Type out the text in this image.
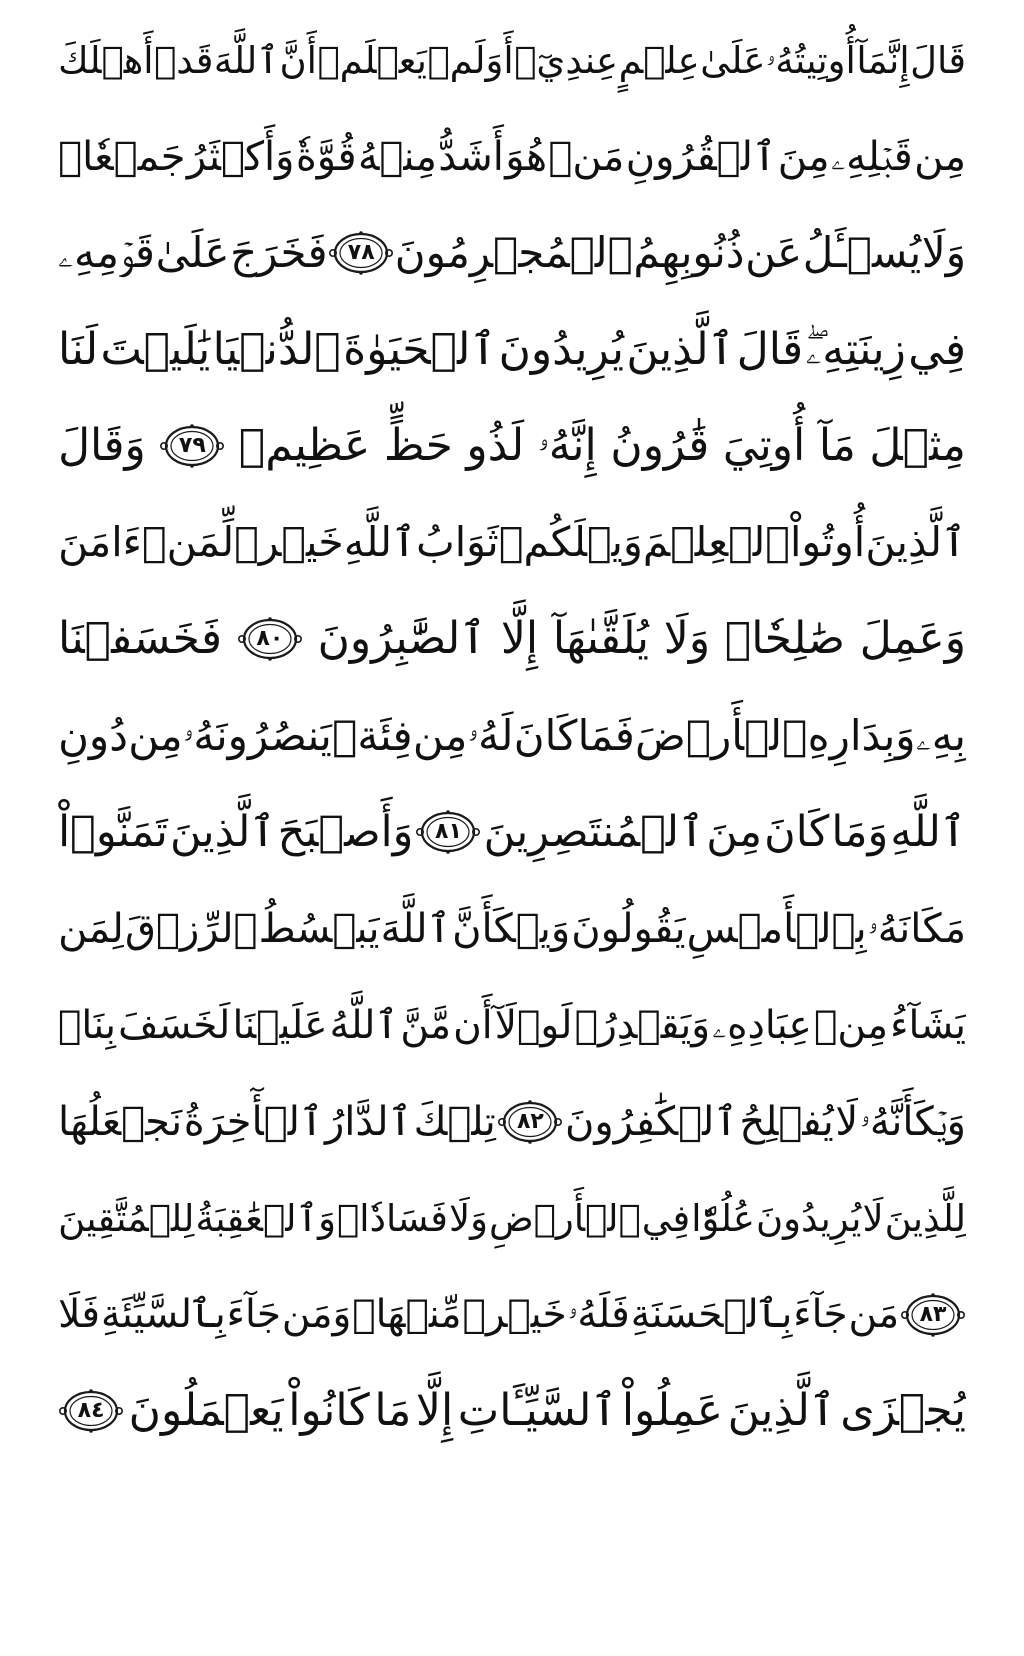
قَالَ
إِنَّمَآ
أُوتِيتُهُۥ
عَلَىٰ
عِلۡمٍ
عِندِيٓۚ
أَوَلَمۡ
يَعۡلَمۡ
أَنَّ
ٱللَّهَ
قَدۡ
أَهۡلَكَ
مِن
قَبۡلِهِۦ
مِنَ
ٱلۡقُرُونِ
مَنۡ
هُوَ
أَشَدُّ
مِنۡهُ
قُوَّةٗ
وَأَكۡثَرُ
جَمۡعٗاۚ
وَلَا
يُسۡـَٔلُ
عَن
ذُنُوبِهِمُ
ٱلۡمُجۡرِمُونَ
٧٨
فَخَرَجَ
عَلَىٰ
قَوۡمِهِۦ
فِي
زِينَتِهِۦۖ
قَالَ
ٱلَّذِينَ
يُرِيدُونَ
ٱلۡحَيَوٰةَ
ٱلدُّنۡيَا
يَٰلَيۡتَ
لَنَا
مِثۡلَ
مَآ
أُوتِيَ
قَٰرُونُ
إِنَّهُۥ
لَذُو
حَظٍّ
عَظِيمٖ
٧٩
وَقَالَ
ٱلَّذِينَ
أُوتُواْ
ٱلۡعِلۡمَ
وَيۡلَكُمۡ
ثَوَابُ
ٱللَّهِ
خَيۡرٞ
لِّمَنۡ
ءَامَنَ
وَعَمِلَ
صَٰلِحٗاۚ
وَلَا
يُلَقَّىٰهَآ
إِلَّا
ٱلصَّٰبِرُونَ
٨٠
فَخَسَفۡنَا
بِهِۦ
وَبِدَارِهِ
ٱلۡأَرۡضَ
فَمَا
كَانَ
لَهُۥ
مِن
فِئَةٖ
يَنصُرُونَهُۥ
مِن
دُونِ
ٱللَّهِ
وَمَا
كَانَ
مِنَ
ٱلۡمُنتَصِرِينَ
٨١
وَأَصۡبَحَ
ٱلَّذِينَ
تَمَنَّوۡاْ
مَكَانَهُۥ
بِٱلۡأَمۡسِ
يَقُولُونَ
وَيۡكَأَنَّ
ٱللَّهَ
يَبۡسُطُ
ٱلرِّزۡقَ
لِمَن
يَشَآءُ
مِنۡ
عِبَادِهِۦ
وَيَقۡدِرُۖ
لَوۡلَآ
أَن
مَّنَّ
ٱللَّهُ
عَلَيۡنَا
لَخَسَفَ
بِنَاۖ
وَيۡكَأَنَّهُۥ
لَا
يُفۡلِحُ
ٱلۡكَٰفِرُونَ
٨٢
تِلۡكَ
ٱلدَّارُ
ٱلۡأٓخِرَةُ
نَجۡعَلُهَا
لِلَّذِينَ
لَا
يُرِيدُونَ
عُلُوّٗا
فِي
ٱلۡأَرۡضِ
وَلَا
فَسَادٗاۚ
وَٱلۡعَٰقِبَةُ
لِلۡمُتَّقِينَ
٨٣
مَن
جَآءَ
بِٱلۡحَسَنَةِ
فَلَهُۥ
خَيۡرٞ
مِّنۡهَاۖ
وَمَن
جَآءَ
بِٱلسَّيِّئَةِ
فَلَا
يُجۡزَى
ٱلَّذِينَ
عَمِلُواْ
ٱلسَّيِّـَٔاتِ
إِلَّا
مَا
كَانُواْ
يَعۡمَلُونَ
٨٤
